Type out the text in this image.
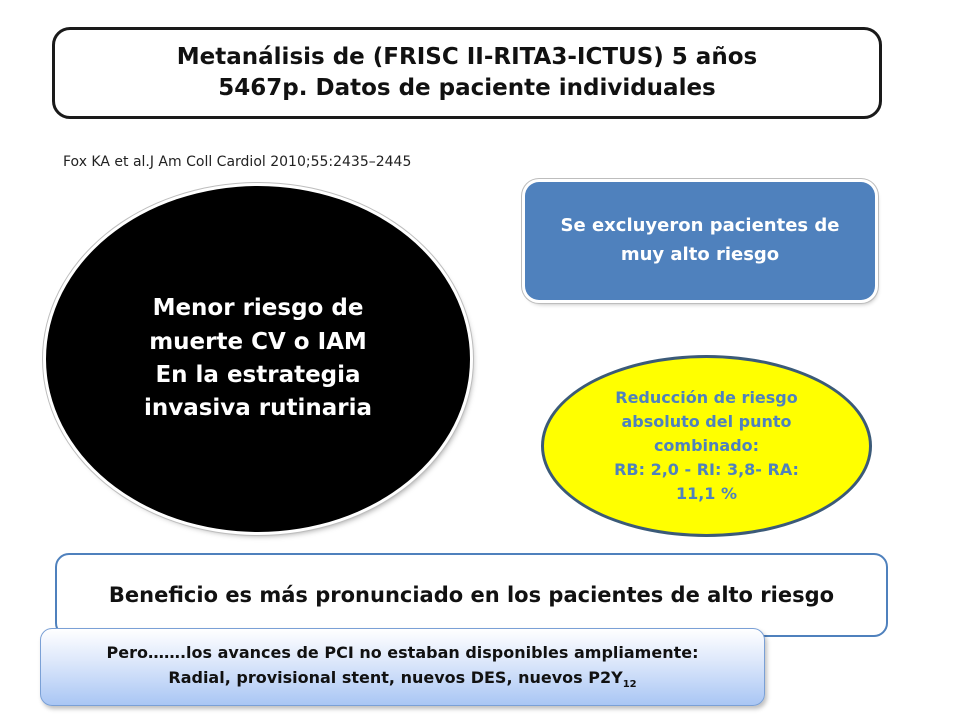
Metanálisis de (FRISC II-RITA3-ICTUS) 5 años
5467p. Datos de paciente individuales
Fox KA et al.J Am Coll Cardiol 2010;55:2435–2445
Menor riesgo de
muerte CV o IAM
En la estrategia
invasiva rutinaria
Se excluyeron pacientes de
muy alto riesgo
Reducción de riesgo
absoluto del punto
combinado:
RB: 2,0 - RI: 3,8- RA:
11,1 %
Beneficio es más pronunciado en los pacientes de alto riesgo
Pero…….los avances de PCI no estaban disponibles ampliamente:
Radial, provisional stent, nuevos DES, nuevos $P2Y_{12}$
